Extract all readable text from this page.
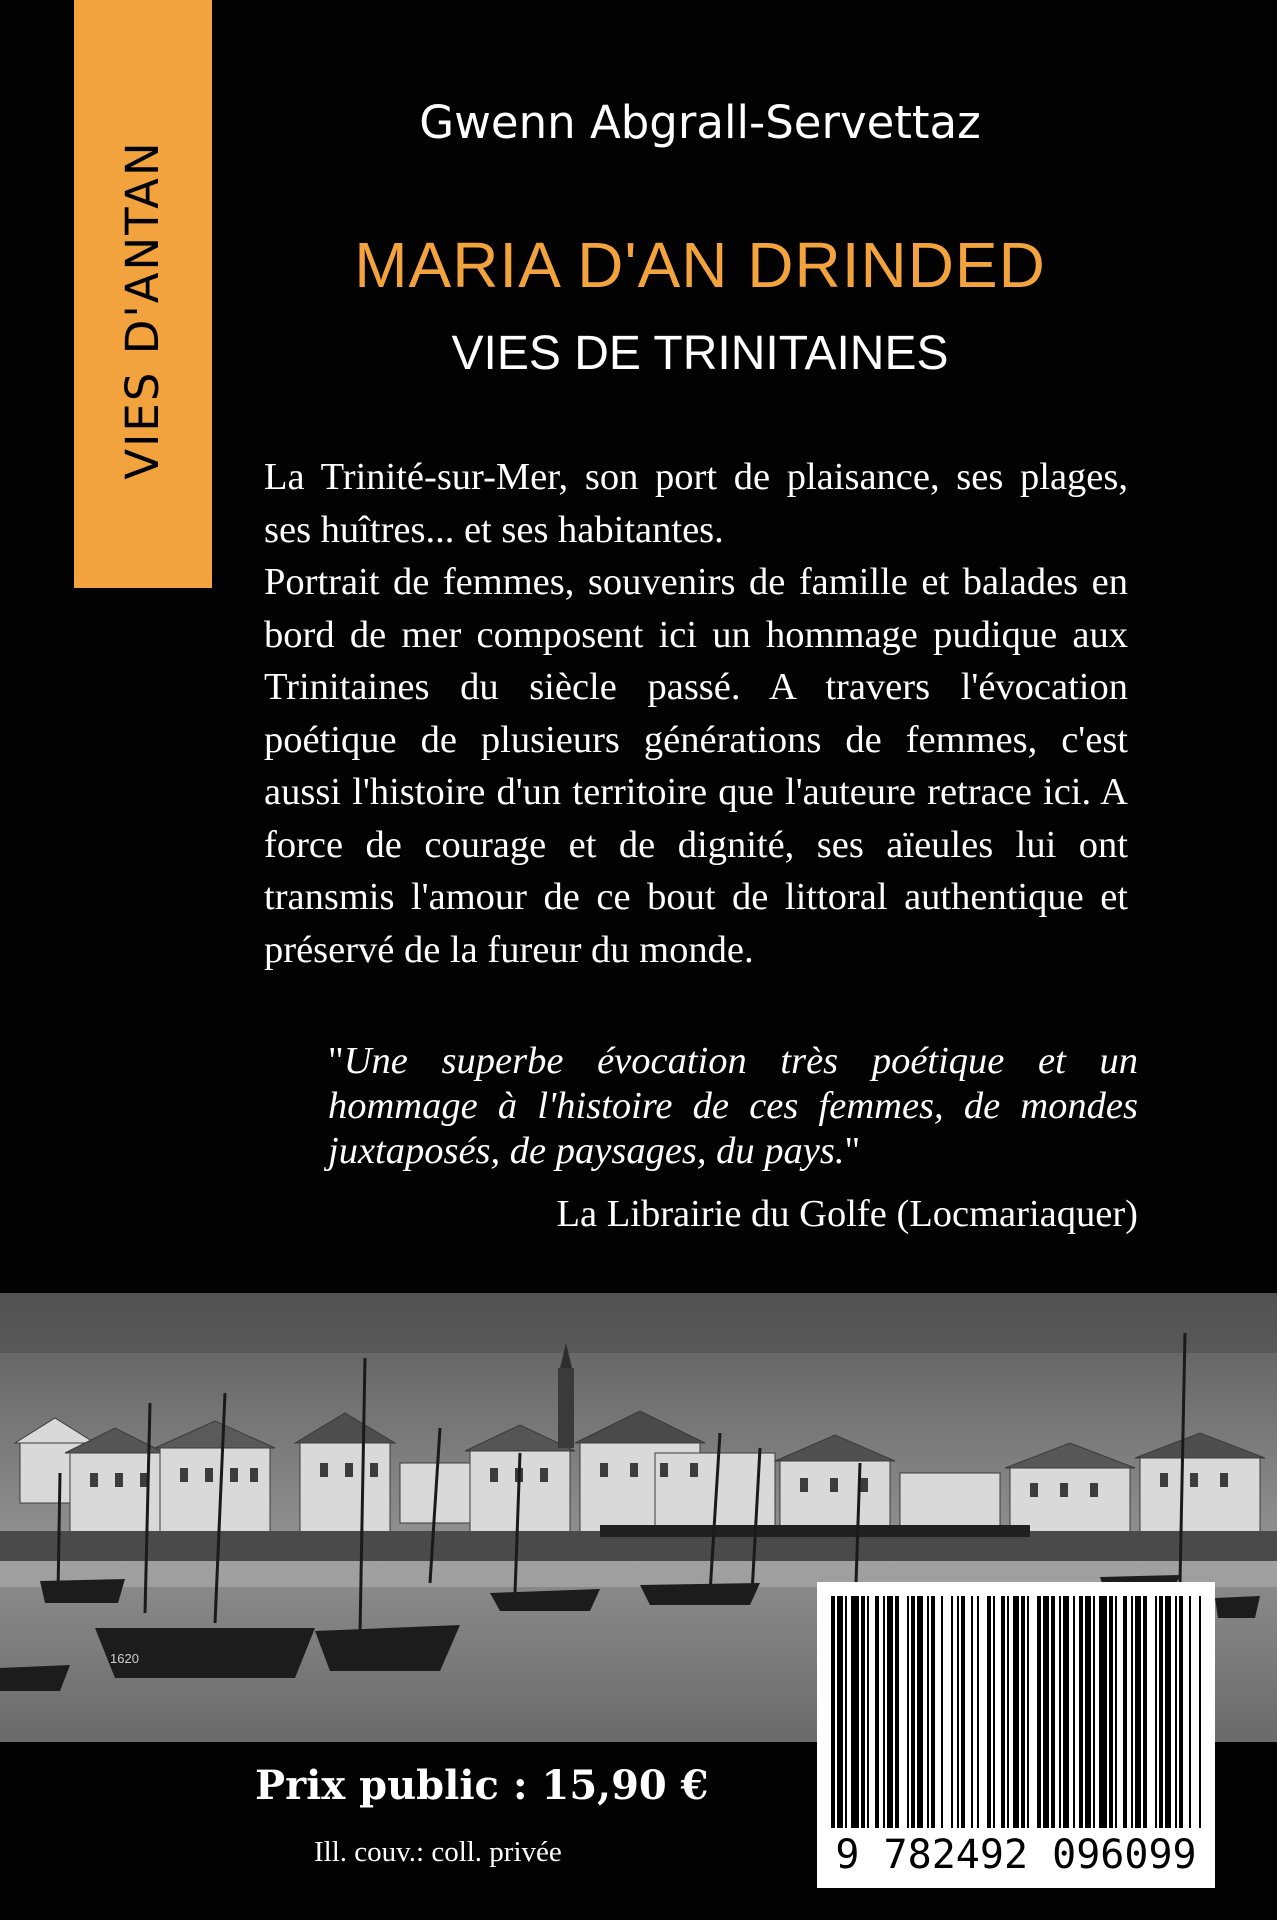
VIES D'ANTAN
Gwenn Abgrall-Servettaz
MARIA D'AN DRINDED
VIES DE TRINITAINES

La Trinité-sur-Mer, son port de plaisance, ses plages, ses huîtres... et ses habitantes.

Portrait de femmes, souvenirs de famille et balades en bord de mer composent ici un hommage pudique aux Trinitaines du siècle passé. A travers l'évocation poétique de plusieurs générations de femmes, c'est aussi l'histoire d'un territoire que l'auteure retrace ici. A force de courage et de dignité, ses aïeules lui ont transmis l'amour de ce bout de littoral authentique et préservé de la fureur du monde.

"Une superbe évocation très poétique et un hommage à l'histoire de ces femmes, de mondes juxtaposés, de paysages, du pays."

La Librairie du Golfe (Locmariaquer)
1620
Prix public : 15,90 €
Ill. couv.: coll. privée	9 782492 096099
